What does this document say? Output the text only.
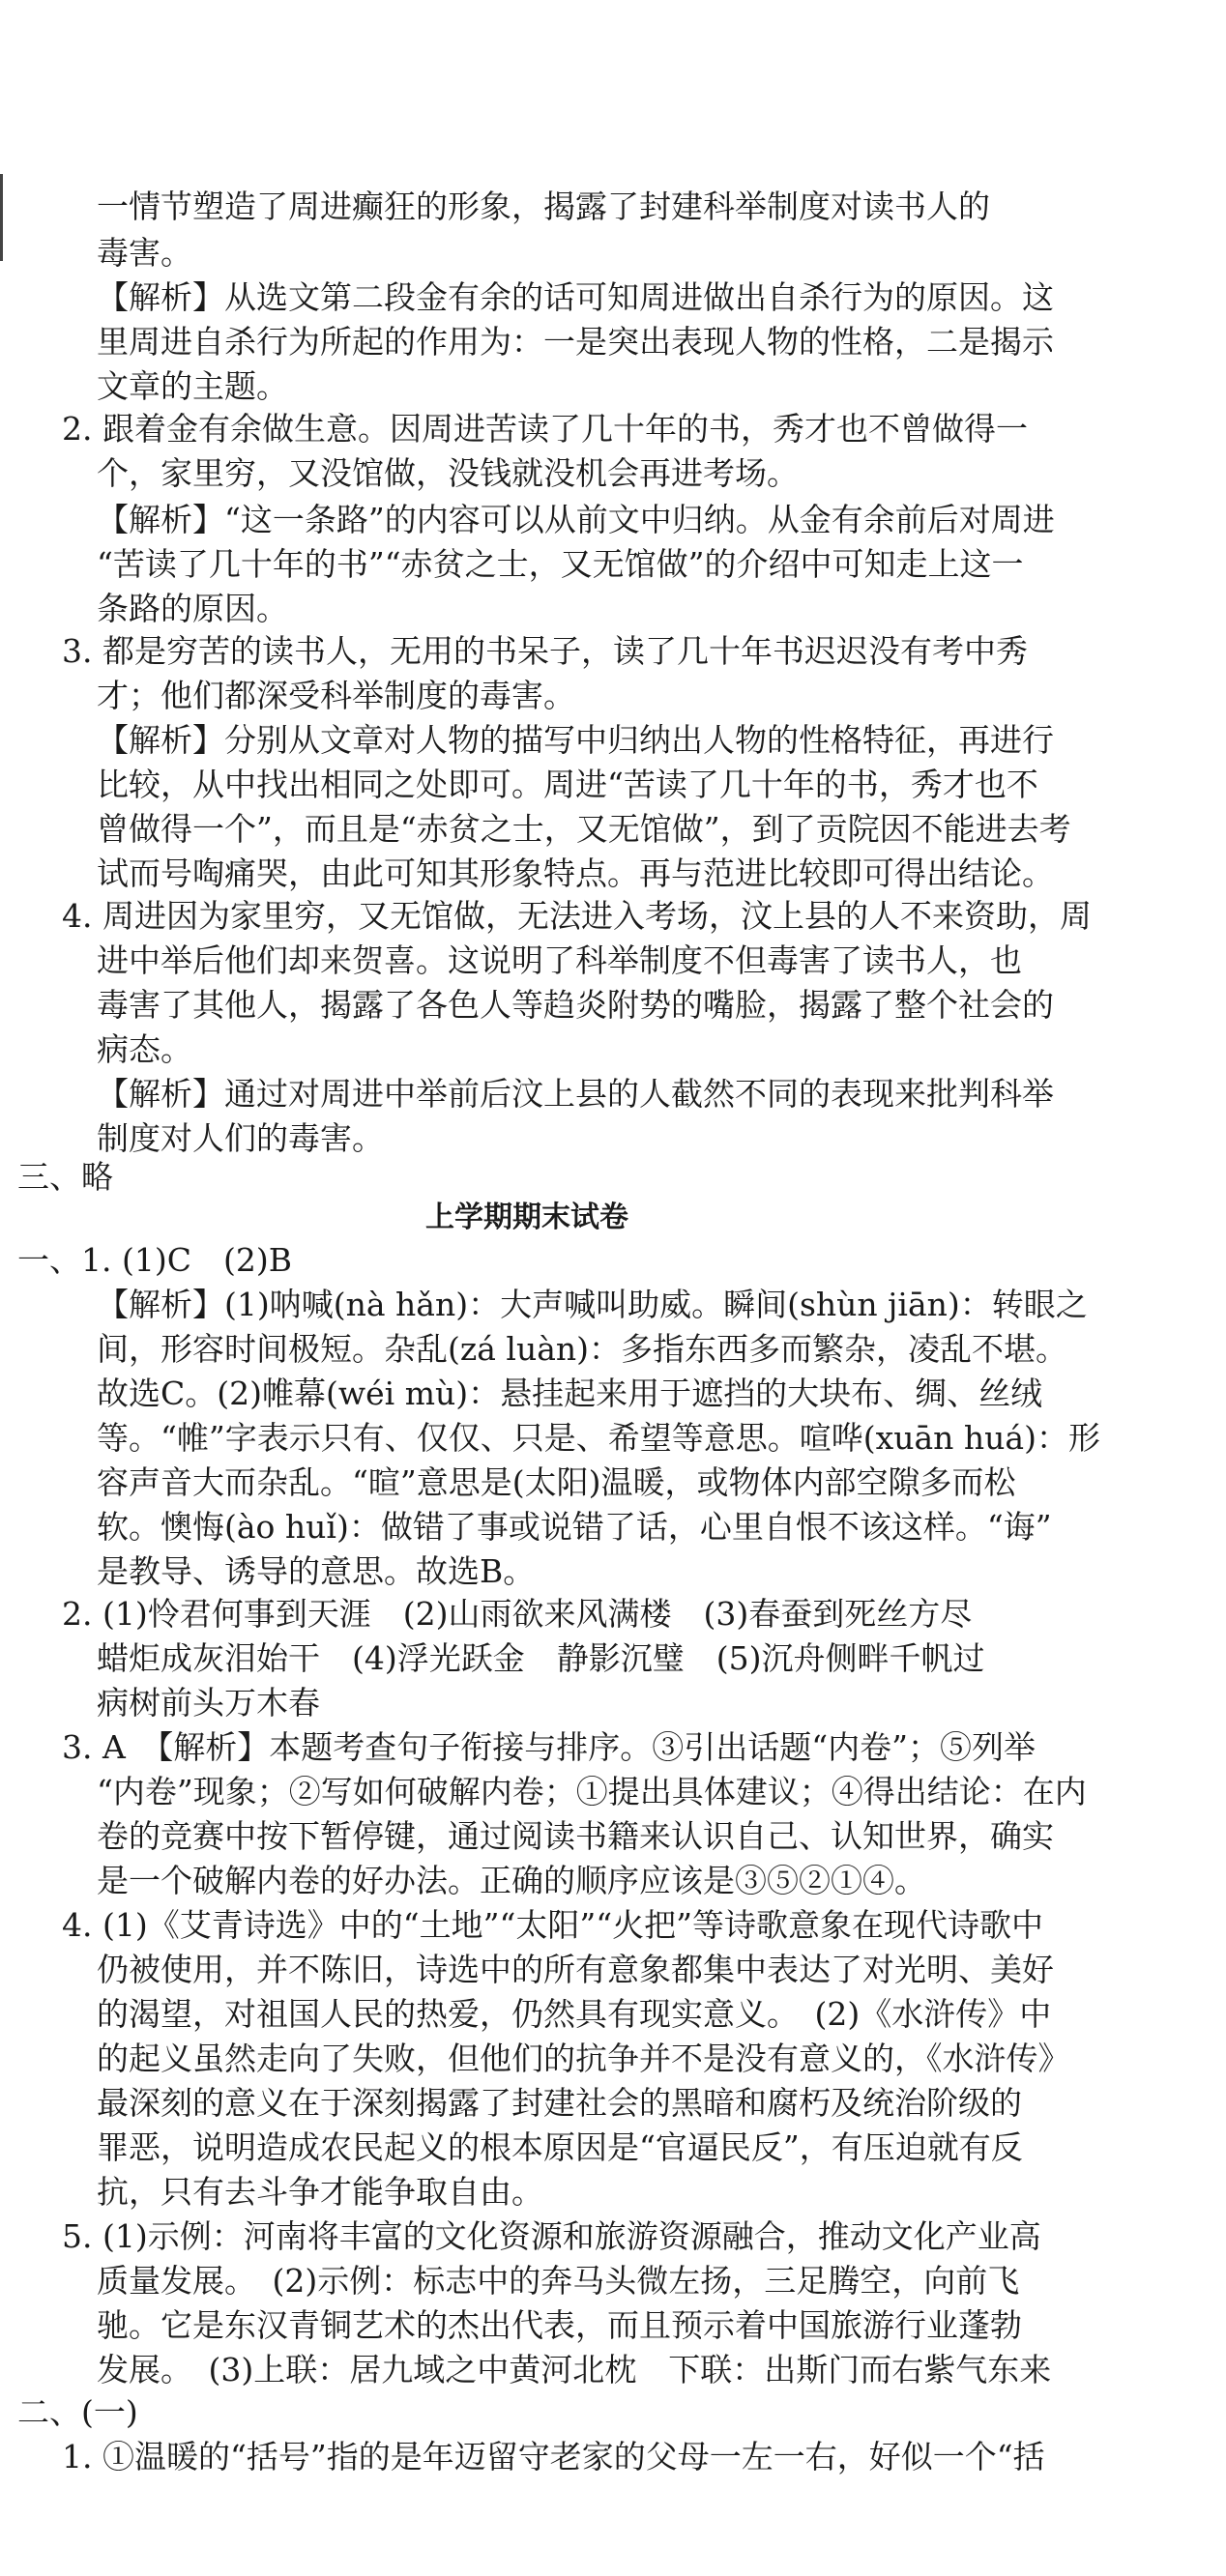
一情节塑造了周进癫狂的形象，揭露了封建科举制度对读书人的
毒害。
【解析】从选文第二段金有余的话可知周进做出自杀行为的原因。这
里周进自杀行为所起的作用为：一是突出表现人物的性格，二是揭示
文章的主题。
2. 跟着金有余做生意。因周进苦读了几十年的书，秀才也不曾做得一
个，家里穷，又没馆做，没钱就没机会再进考场。
【解析】“这一条路”的内容可以从前文中归纳。从金有余前后对周进
“苦读了几十年的书”“赤贫之士，又无馆做”的介绍中可知走上这一
条路的原因。
3. 都是穷苦的读书人，无用的书呆子，读了几十年书迟迟没有考中秀
才；他们都深受科举制度的毒害。
【解析】分别从文章对人物的描写中归纳出人物的性格特征，再进行
比较，从中找出相同之处即可。周进“苦读了几十年的书，秀才也不
曾做得一个”，而且是“赤贫之士，又无馆做”，到了贡院因不能进去考
试而号啕痛哭，由此可知其形象特点。再与范进比较即可得出结论。
4. 周进因为家里穷，又无馆做，无法进入考场，汶上县的人不来资助，周
进中举后他们却来贺喜。这说明了科举制度不但毒害了读书人，也
毒害了其他人，揭露了各色人等趋炎附势的嘴脸，揭露了整个社会的
病态。
【解析】通过对周进中举前后汶上县的人截然不同的表现来批判科举
制度对人们的毒害。
三、略
上学期期末试卷
一、1. (1)C　(2)B
【解析】(1)呐喊(nà hǎn)：大声喊叫助威。瞬间(shùn jiān)：转眼之
间，形容时间极短。杂乱(zá luàn)：多指东西多而繁杂，凌乱不堪。
故选C。(2)帷幕(wéi mù)：悬挂起来用于遮挡的大块布、绸、丝绒
等。“帷”字表示只有、仅仅、只是、希望等意思。喧哗(xuān huá)：形
容声音大而杂乱。“暄”意思是(太阳)温暖，或物体内部空隙多而松
软。懊悔(ào huǐ)：做错了事或说错了话，心里自恨不该这样。“诲”
是教导、诱导的意思。故选B。
2. (1)怜君何事到天涯　(2)山雨欲来风满楼　(3)春蚕到死丝方尽
蜡炬成灰泪始干　(4)浮光跃金　静影沉璧　(5)沉舟侧畔千帆过
病树前头万木春
3. A　【解析】本题考查句子衔接与排序。③引出话题“内卷”；⑤列举
“内卷”现象；②写如何破解内卷；①提出具体建议；④得出结论：在内
卷的竞赛中按下暂停键，通过阅读书籍来认识自己、认知世界，确实
是一个破解内卷的好办法。正确的顺序应该是③⑤②①④。
4. (1)《艾青诗选》中的“土地”“太阳”“火把”等诗歌意象在现代诗歌中
仍被使用，并不陈旧，诗选中的所有意象都集中表达了对光明、美好
的渴望，对祖国人民的热爱，仍然具有现实意义。　(2)《水浒传》中
的起义虽然走向了失败，但他们的抗争并不是没有意义的，《水浒传》
最深刻的意义在于深刻揭露了封建社会的黑暗和腐朽及统治阶级的
罪恶，说明造成农民起义的根本原因是“官逼民反”，有压迫就有反
抗，只有去斗争才能争取自由。
5. (1)示例：河南将丰富的文化资源和旅游资源融合，推动文化产业高
质量发展。　(2)示例：标志中的奔马头微左扬，三足腾空，向前飞
驰。它是东汉青铜艺术的杰出代表，而且预示着中国旅游行业蓬勃
发展。　(3)上联：居九域之中黄河北枕　下联：出斯门而右紫气东来
二、(一)
1. ①温暖的“括号”指的是年迈留守老家的父母一左一右，好似一个“括
